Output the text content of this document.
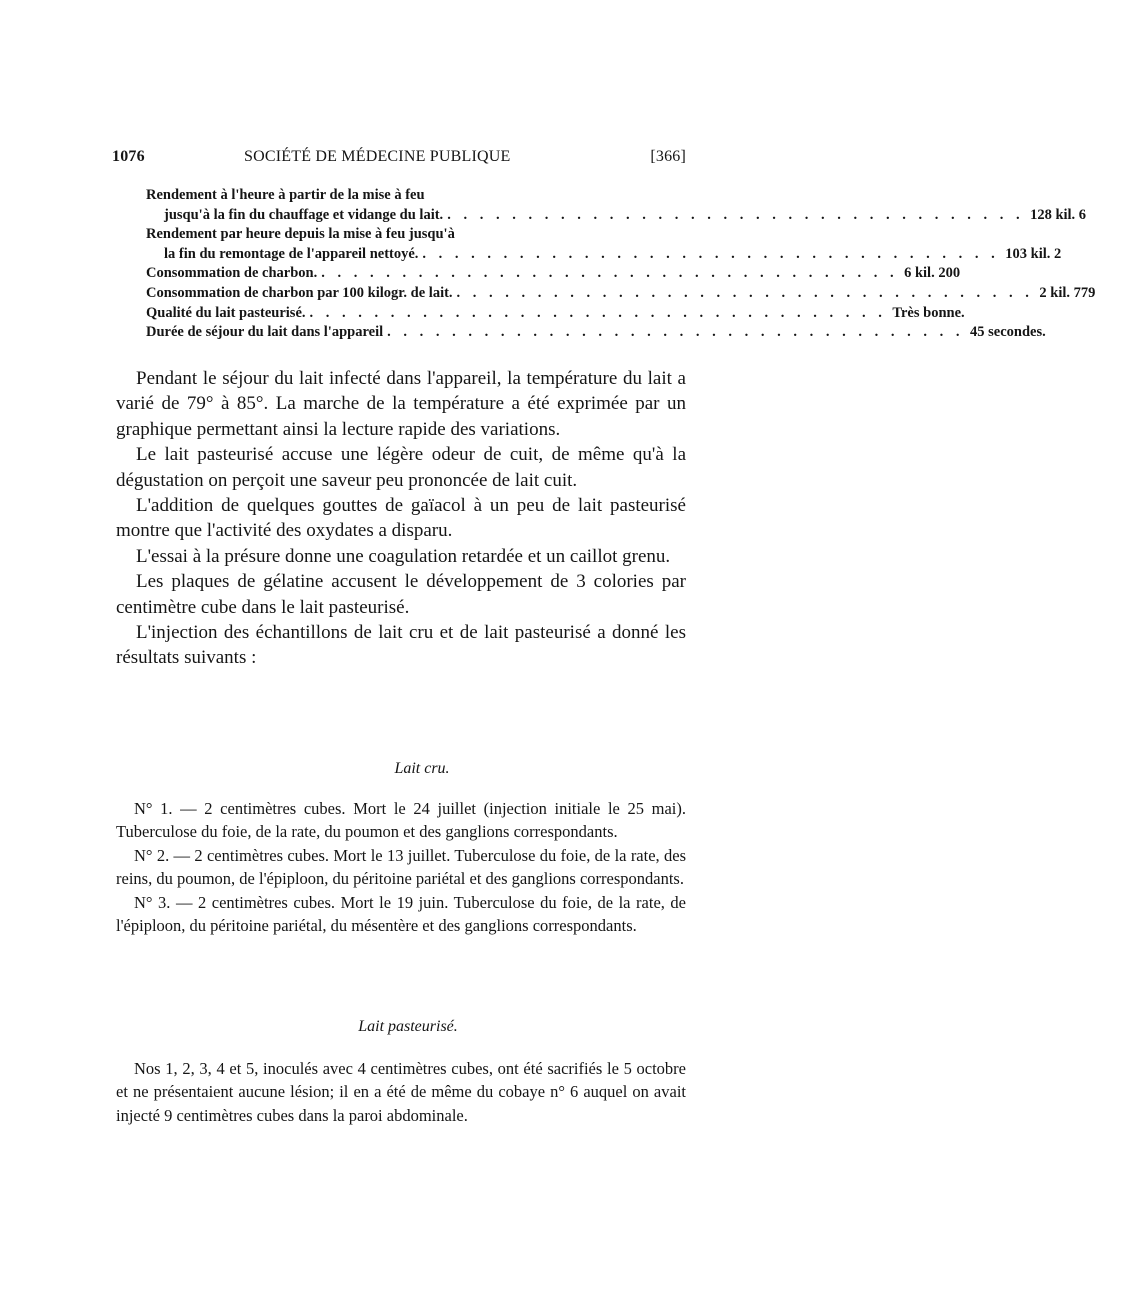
1076	SOCIÉTÉ DE MÉDECINE PUBLIQUE	[366]
Rendement à l'heure à partir de la mise à feu
jusqu'à la fin du chauffage et vidange du lait. . . . . . . . . . . . . . . . . . . . . . . . . . . . . . . . . . . . . 128 kil. 6
Rendement par heure depuis la mise à feu jusqu'à
la fin du remontage de l'appareil nettoyé. . . . . . . . . . . . . . . . . . . . . . . . . . . . . . . . . . . . . 103 kil. 2
Consommation de charbon. . . . . . . . . . . . . . . . . . . . . . . . . . . . . . . . . . . . . 6 kil. 200
Consommation de charbon par 100 kilogr. de lait. . . . . . . . . . . . . . . . . . . . . . . . . . . . . . . . . . . . . 2 kil. 779
Qualité du lait pasteurisé. . . . . . . . . . . . . . . . . . . . . . . . . . . . . . . . . . . . . Très bonne.
Durée de séjour du lait dans l'appareil . . . . . . . . . . . . . . . . . . . . . . . . . . . . . . . . . . . . 45 secondes.

Pendant le séjour du lait infecté dans l'appareil, la température du lait a varié de 79° à 85°. La marche de la température a été exprimée par un graphique permettant ainsi la lecture rapide des variations.

Le lait pasteurisé accuse une légère odeur de cuit, de même qu'à la dégustation on perçoit une saveur peu prononcée de lait cuit.

L'addition de quelques gouttes de gaïacol à un peu de lait pasteurisé montre que l'activité des oxydates a disparu.

L'essai à la présure donne une coagulation retardée et un caillot grenu.

Les plaques de gélatine accusent le développement de 3 colories par centimètre cube dans le lait pasteurisé.

L'injection des échantillons de lait cru et de lait pasteurisé a donné les résultats suivants :

Lait cru.

N° 1. — 2 centimètres cubes. Mort le 24 juillet (injection initiale le 25 mai). Tuberculose du foie, de la rate, du poumon et des ganglions correspondants.

N° 2. — 2 centimètres cubes. Mort le 13 juillet. Tuberculose du foie, de la rate, des reins, du poumon, de l'épiploon, du péritoine pariétal et des ganglions correspondants.

N° 3. — 2 centimètres cubes. Mort le 19 juin. Tuberculose du foie, de la rate, de l'épiploon, du péritoine pariétal, du mésentère et des ganglions correspondants.

Lait pasteurisé.

Nos 1, 2, 3, 4 et 5, inoculés avec 4 centimètres cubes, ont été sacrifiés le 5 octobre et ne présentaient aucune lésion; il en a été de même du cobaye n° 6 auquel on avait injecté 9 centimètres cubes dans la paroi abdominale.
